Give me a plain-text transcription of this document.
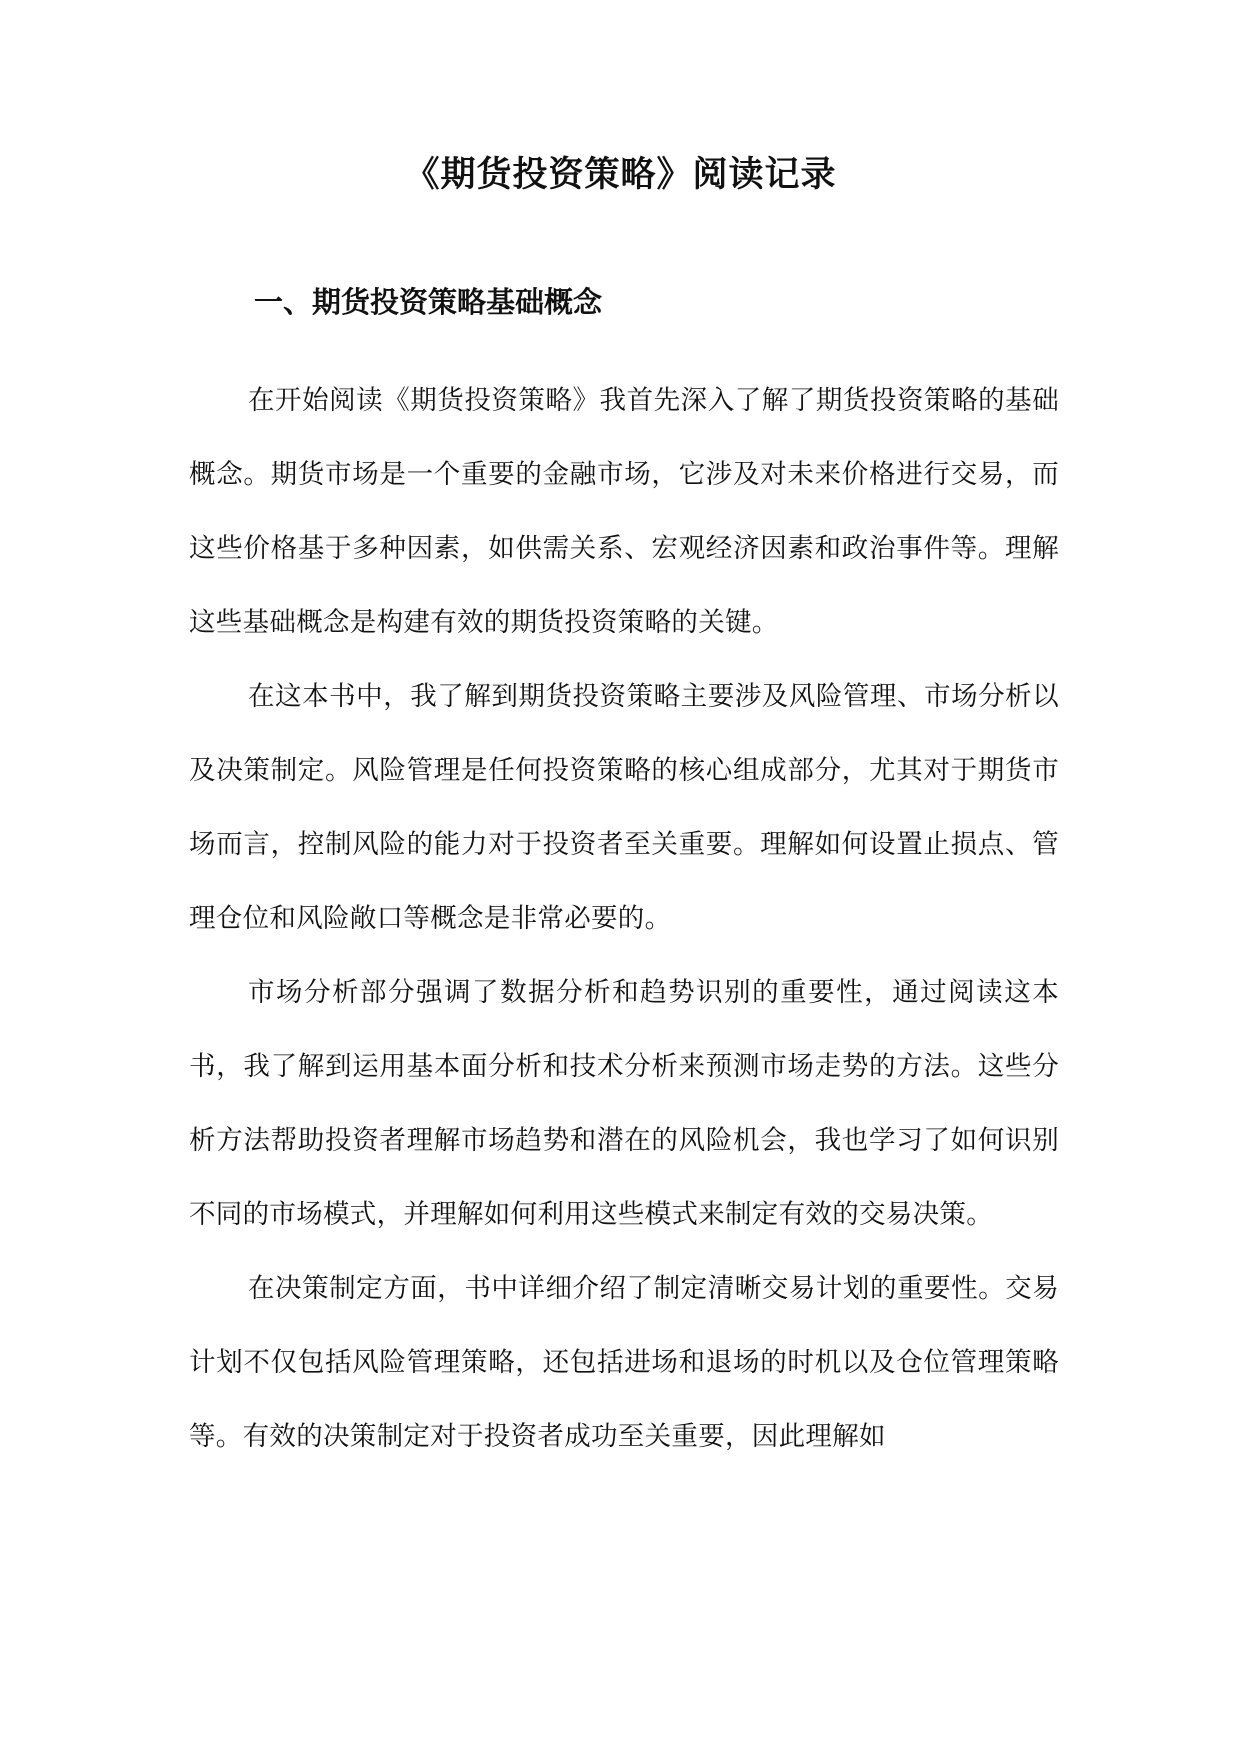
《期货投资策略》阅读记录
一、期货投资策略基础概念

在开始阅读《期货投资策略》我首先深入了解了期货投资策略的基础概念。期货市场是一个重要的金融市场，它涉及对未来价格进行交易，而这些价格基于多种因素，如供需关系、宏观经济因素和政治事件等。理解这些基础概念是构建有效的期货投资策略的关键。

在这本书中，我了解到期货投资策略主要涉及风险管理、市场分析以及决策制定。风险管理是任何投资策略的核心组成部分，尤其对于期货市场而言，控制风险的能力对于投资者至关重要。理解如何设置止损点、管理仓位和风险敞口等概念是非常必要的。

市场分析部分强调了数据分析和趋势识别的重要性，通过阅读这本书，我了解到运用基本面分析和技术分析来预测市场走势的方法。这些分析方法帮助投资者理解市场趋势和潜在的风险机会，我也学习了如何识别不同的市场模式，并理解如何利用这些模式来制定有效的交易决策。

在决策制定方面，书中详细介绍了制定清晰交易计划的重要性。交易计划不仅包括风险管理策略，还包括进场和退场的时机以及仓位管理策略等。有效的决策制定对于投资者成功至关重要，因此理解如
